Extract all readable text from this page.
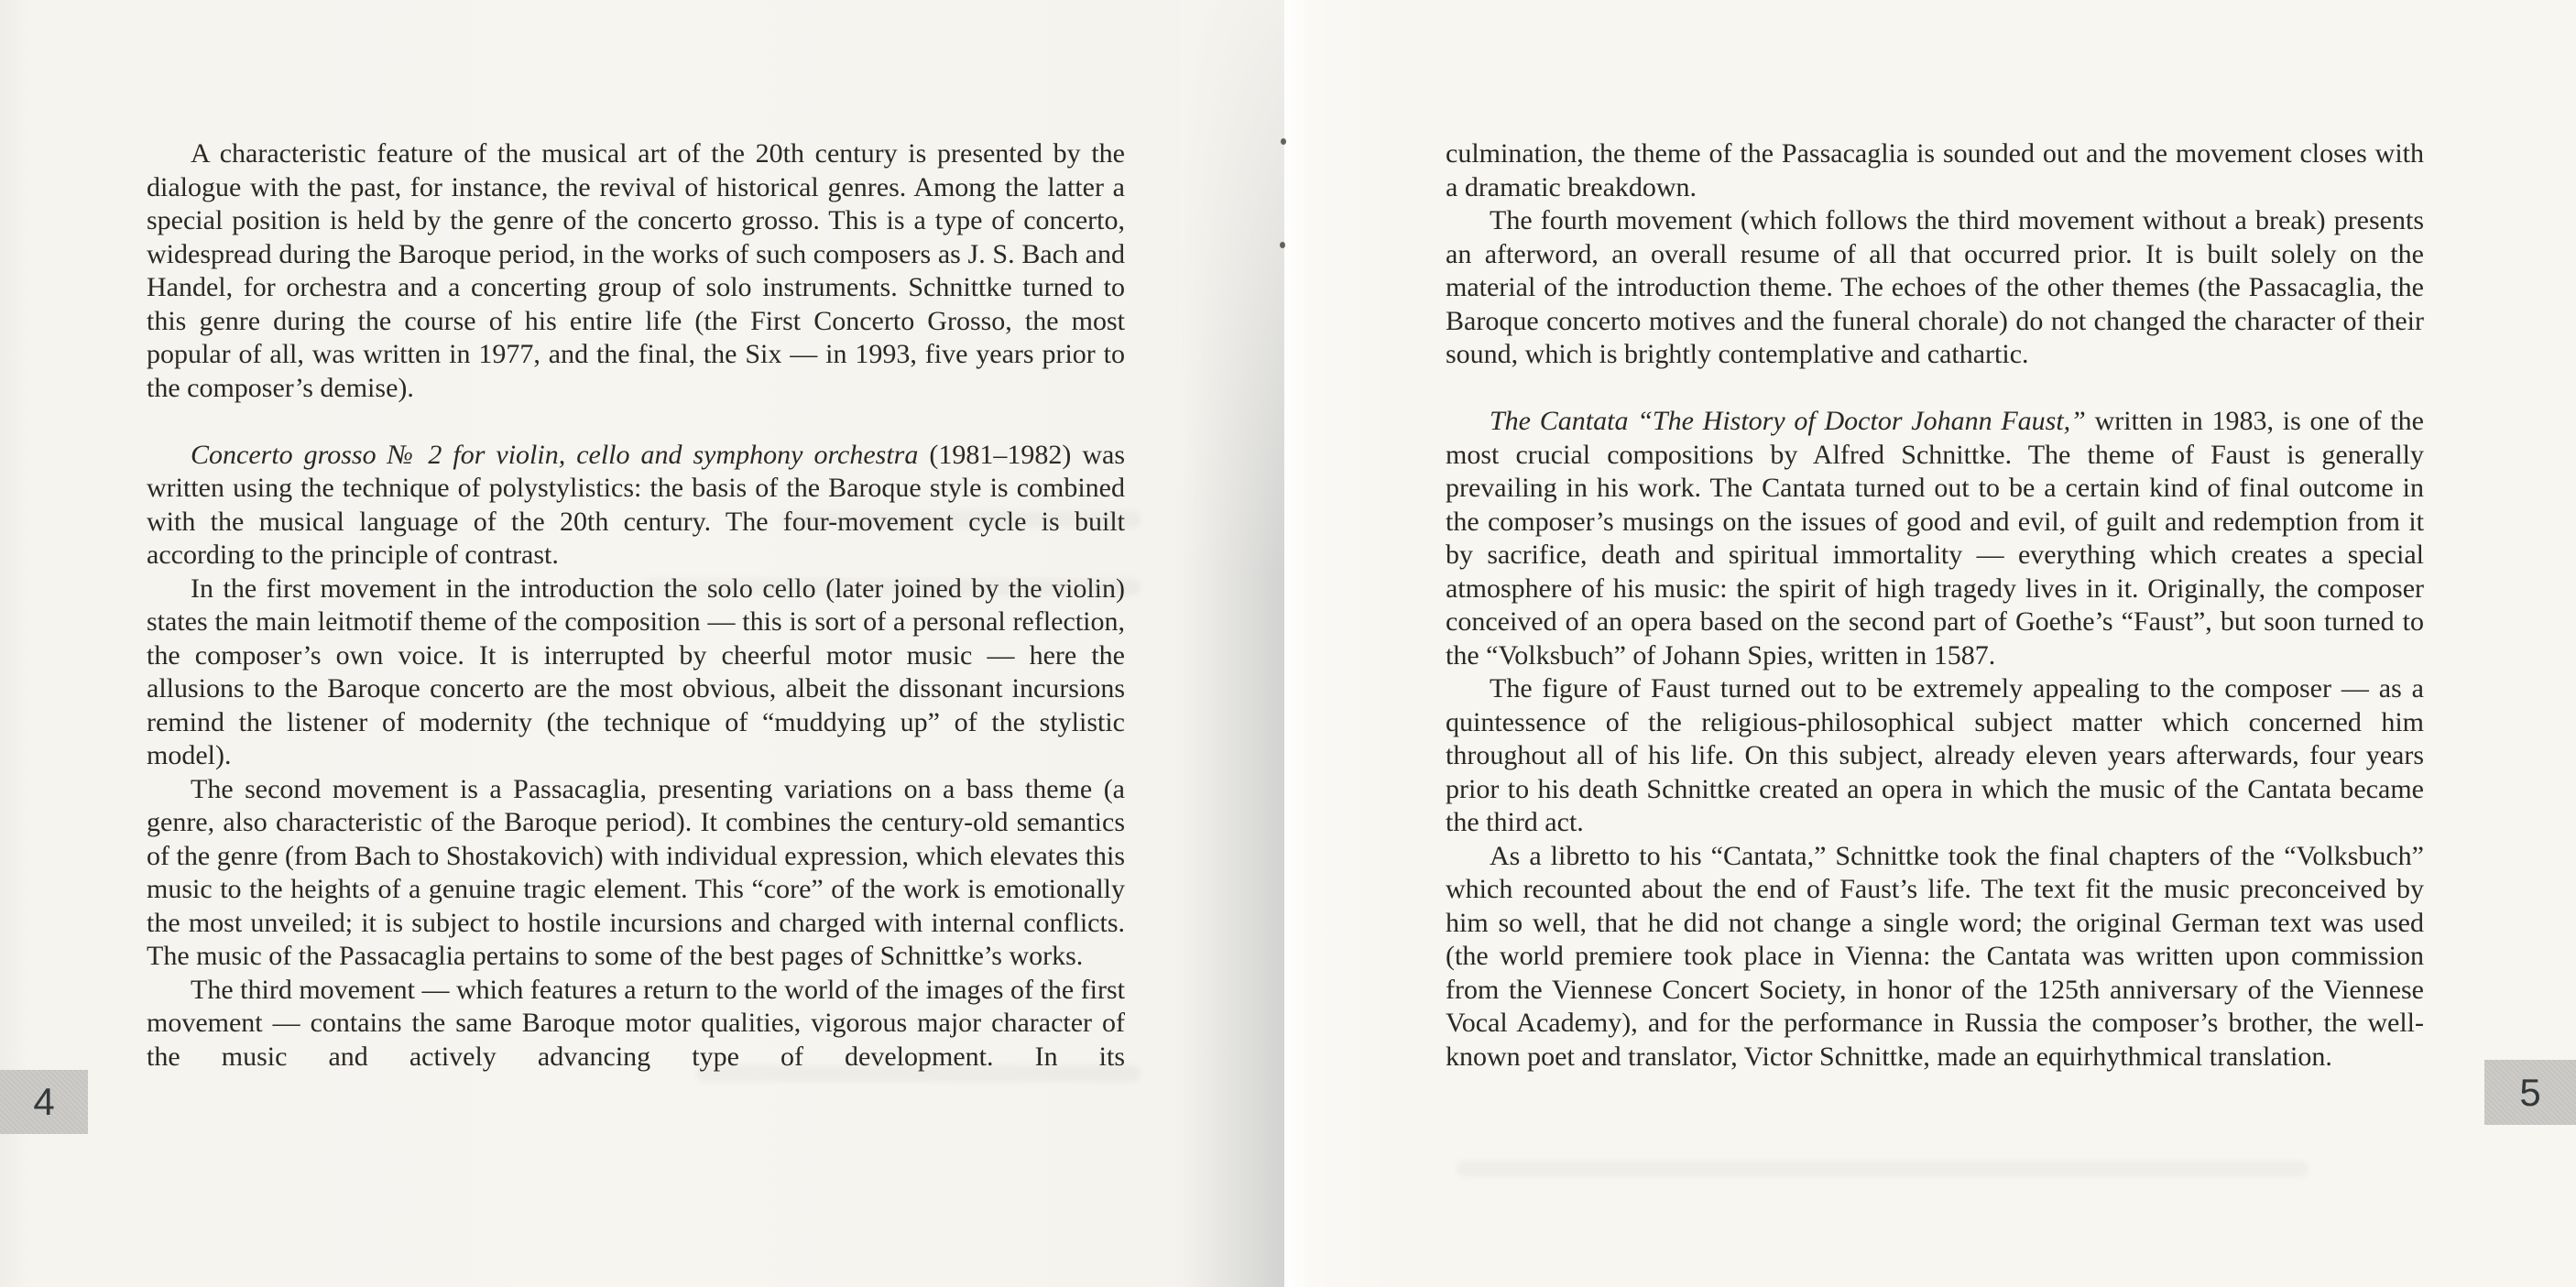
A characteristic feature of the musical art of the 20th century is presented by the dialogue with the past, for instance, the revival of historical genres. Among the latter a special position is held by the genre of the concerto grosso. This is a type of concerto, widespread during the Baroque period, in the works of such composers as J. S. Bach and Handel, for orchestra and a concerting group of solo instruments. Schnittke turned to this genre during the course of his entire life (the First Concerto Grosso, the most popular of all, was written in 1977, and the final, the Six — in 1993, five years prior to the composer’s demise).

Concerto grosso № 2 for violin, cello and symphony orchestra (1981–1982) was written using the technique of polystylistics: the basis of the Baroque style is combined with the musical language of the 20th century. The four-movement cycle is built according to the principle of contrast.

In the first movement in the introduction the solo cello (later joined by the violin) states the main leitmotif theme of the composition — this is sort of a personal reflection, the composer’s own voice. It is interrupted by cheerful motor music — here the allusions to the Baroque concerto are the most obvious, albeit the dissonant incursions remind the listener of modernity (the technique of “muddying up” of the stylistic model).

The second movement is a Passacaglia, presenting variations on a bass theme (a genre, also characteristic of the Baroque period). It combines the century-old semantics of the genre (from Bach to Shostakovich) with individual expression, which elevates this music to the heights of a genuine tragic element. This “core” of the work is emotionally the most unveiled; it is subject to hostile incursions and charged with internal conflicts. The music of the Passacaglia pertains to some of the best pages of Schnittke’s works.

The third movement — which features a return to the world of the images of the first movement — contains the same Baroque motor qualities, vigorous major character of the music and actively advancing type of development. In its

culmination, the theme of the Passacaglia is sounded out and the movement closes with a dramatic breakdown.

The fourth movement (which follows the third movement without a break) presents an afterword, an overall resume of all that occurred prior. It is built solely on the material of the introduction theme. The echoes of the other themes (the Passacaglia, the Baroque concerto motives and the funeral chorale) do not changed the character of their sound, which is brightly contemplative and cathartic.

The Cantata “The History of Doctor Johann Faust,” written in 1983, is one of the most crucial compositions by Alfred Schnittke. The theme of Faust is generally prevailing in his work. The Cantata turned out to be a certain kind of final outcome in the composer’s musings on the issues of good and evil, of guilt and redemption from it by sacrifice, death and spiritual immortality — everything which creates a special atmosphere of his music: the spirit of high tragedy lives in it. Originally, the composer conceived of an opera based on the second part of Goethe’s “Faust”, but soon turned to the “Volksbuch” of Johann Spies, written in 1587.

The figure of Faust turned out to be extremely appealing to the composer — as a quintessence of the religious-philosophical subject matter which concerned him throughout all of his life. On this subject, already eleven years afterwards, four years prior to his death Schnittke created an opera in which the music of the Cantata became the third act.

As a libretto to his “Cantata,” Schnittke took the final chapters of the “Volksbuch” which recounted about the end of Faust’s life. The text fit the music preconceived by him so well, that he did not change a single word; the original German text was used (the world premiere took place in Vienna: the Cantata was written upon commission from the Viennese Concert Society, in honor of the 125th anniversary of the Viennese Vocal Academy), and for the performance in Russia the composer’s brother, the well-known poet and translator, Victor Schnittke, made an equirhythmical translation.

4	5
